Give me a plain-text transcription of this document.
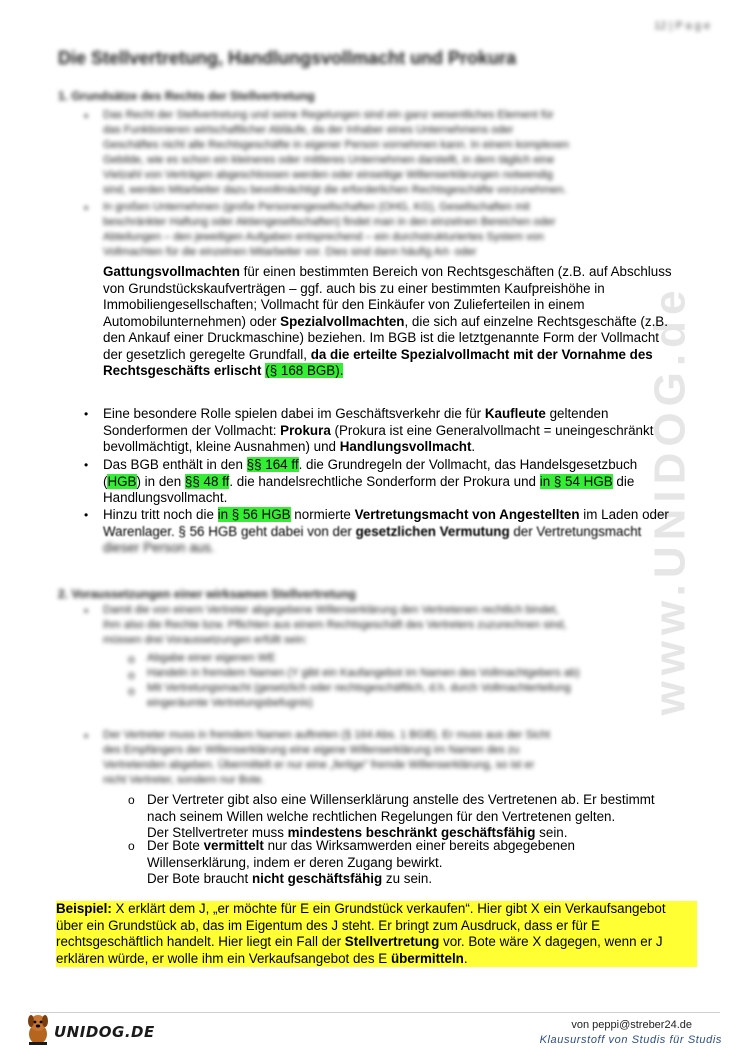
www.UNIDOG.de
12 | P a g e
Die Stellvertretung, Handlungsvollmacht und Prokura
1. Grundsätze des Rechts der Stellvertretung
• Das Recht der Stellvertretung und seine Regelungen sind ein ganz wesentliches Element für
das Funktionieren wirtschaftlicher Abläufe, da der Inhaber eines Unternehmens oder
Geschäftes nicht alle Rechtsgeschäfte in eigener Person vornehmen kann. In einem komplexen
Gebilde, wie es schon ein kleineres oder mittleres Unternehmen darstellt, in dem täglich eine
Vielzahl von Verträgen abgeschlossen werden oder einseitige Willenserklärungen notwendig
sind, werden Mitarbeiter dazu bevollmächtigt die erforderlichen Rechtsgeschäfte vorzunehmen.
• In großen Unternehmen (große Personengesellschaften (OHG, KG), Gesellschaften mit
beschränkter Haftung oder Aktiengesellschaften) findet man in den einzelnen Bereichen oder
Abteilungen – den jeweiligen Aufgaben entsprechend – ein durchstrukturiertes System von
Vollmachten für die einzelnen Mitarbeiter vor. Dies sind dann häufig Art- oder
Gattungsvollmachten für einen bestimmten Bereich von Rechtsgeschäften (z.B. auf Abschluss
von Grundstückskaufverträgen – ggf. auch bis zu einer bestimmten Kaufpreishöhe in
Immobiliengesellschaften; Vollmacht für den Einkäufer von Zulieferteilen in einem
Automobilunternehmen) oder Spezialvollmachten, die sich auf einzelne Rechtsgeschäfte (z.B.
den Ankauf einer Druckmaschine) beziehen. Im BGB ist die letztgenannte Form der Vollmacht
der gesetzlich geregelte Grundfall, da die erteilte Spezialvollmacht mit der Vornahme des
Rechtsgeschäfts erlischt (§ 168 BGB).
• Eine besondere Rolle spielen dabei im Geschäftsverkehr die für Kaufleute geltenden
Sonderformen der Vollmacht: Prokura (Prokura ist eine Generalvollmacht = uneingeschränkt
bevollmächtigt, kleine Ausnahmen) und Handlungsvollmacht.
• Das BGB enthält in den §§ 164 ff. die Grundregeln der Vollmacht, das Handelsgesetzbuch
(HGB) in den §§ 48 ff. die handelsrechtliche Sonderform der Prokura und in § 54 HGB die
Handlungsvollmacht.
• Hinzu tritt noch die in § 56 HGB normierte Vertretungsmacht von Angestellten im Laden oder
Warenlager. § 56 HGB geht dabei von der gesetzlichen Vermutung der Vertretungsmacht
dieser Person aus.
2. Voraussetzungen einer wirksamen Stellvertretung
• Damit die von einem Vertreter abgegebene Willenserklärung den Vertretenen rechtlich bindet,
ihm also die Rechte bzw. Pflichten aus einem Rechtsgeschäft des Vertreters zuzurechnen sind,
müssen drei Voraussetzungen erfüllt sein:
o
o
o
Abgabe einer eigenen WE
Handeln in fremdem Namen (Y gibt ein Kaufangebot im Namen des Vollmachtgebers ab)
Mit Vertretungsmacht (gesetzlich oder rechtsgeschäftlich, d.h. durch Vollmachterteilung
eingeräumte Vertretungsbefugnis)
• Der Vertreter muss in fremdem Namen auftreten (§ 164 Abs. 1 BGB). Er muss aus der Sicht
des Empfängers der Willenserklärung eine eigene Willenserklärung im Namen des zu
Vertretenden abgeben. Übermittelt er nur eine „fertige" fremde Willenserklärung, so ist er
nicht Vertreter, sondern nur Bote.
o Der Vertreter gibt also eine Willenserklärung anstelle des Vertretenen ab. Er bestimmt
nach seinem Willen welche rechtlichen Regelungen für den Vertretenen gelten.
Der Stellvertreter muss mindestens beschränkt geschäftsfähig sein.
o Der Bote vermittelt nur das Wirksamwerden einer bereits abgegebenen
Willenserklärung, indem er deren Zugang bewirkt.
Der Bote braucht nicht geschäftsfähig zu sein.
Beispiel: X erklärt dem J, „er möchte für E ein Grundstück verkaufen“. Hier gibt X ein Verkaufsangebot
über ein Grundstück ab, das im Eigentum des J steht. Er bringt zum Ausdruck, dass er für E
rechtsgeschäftlich handelt. Hier liegt ein Fall der Stellvertretung vor. Bote wäre X dagegen, wenn er J
erklären würde, er wolle ihm ein Verkaufsangebot des E übermitteln.
UNIDOG.DE	von peppi@streber24.de
Klausurstoff von Studis für Studis
